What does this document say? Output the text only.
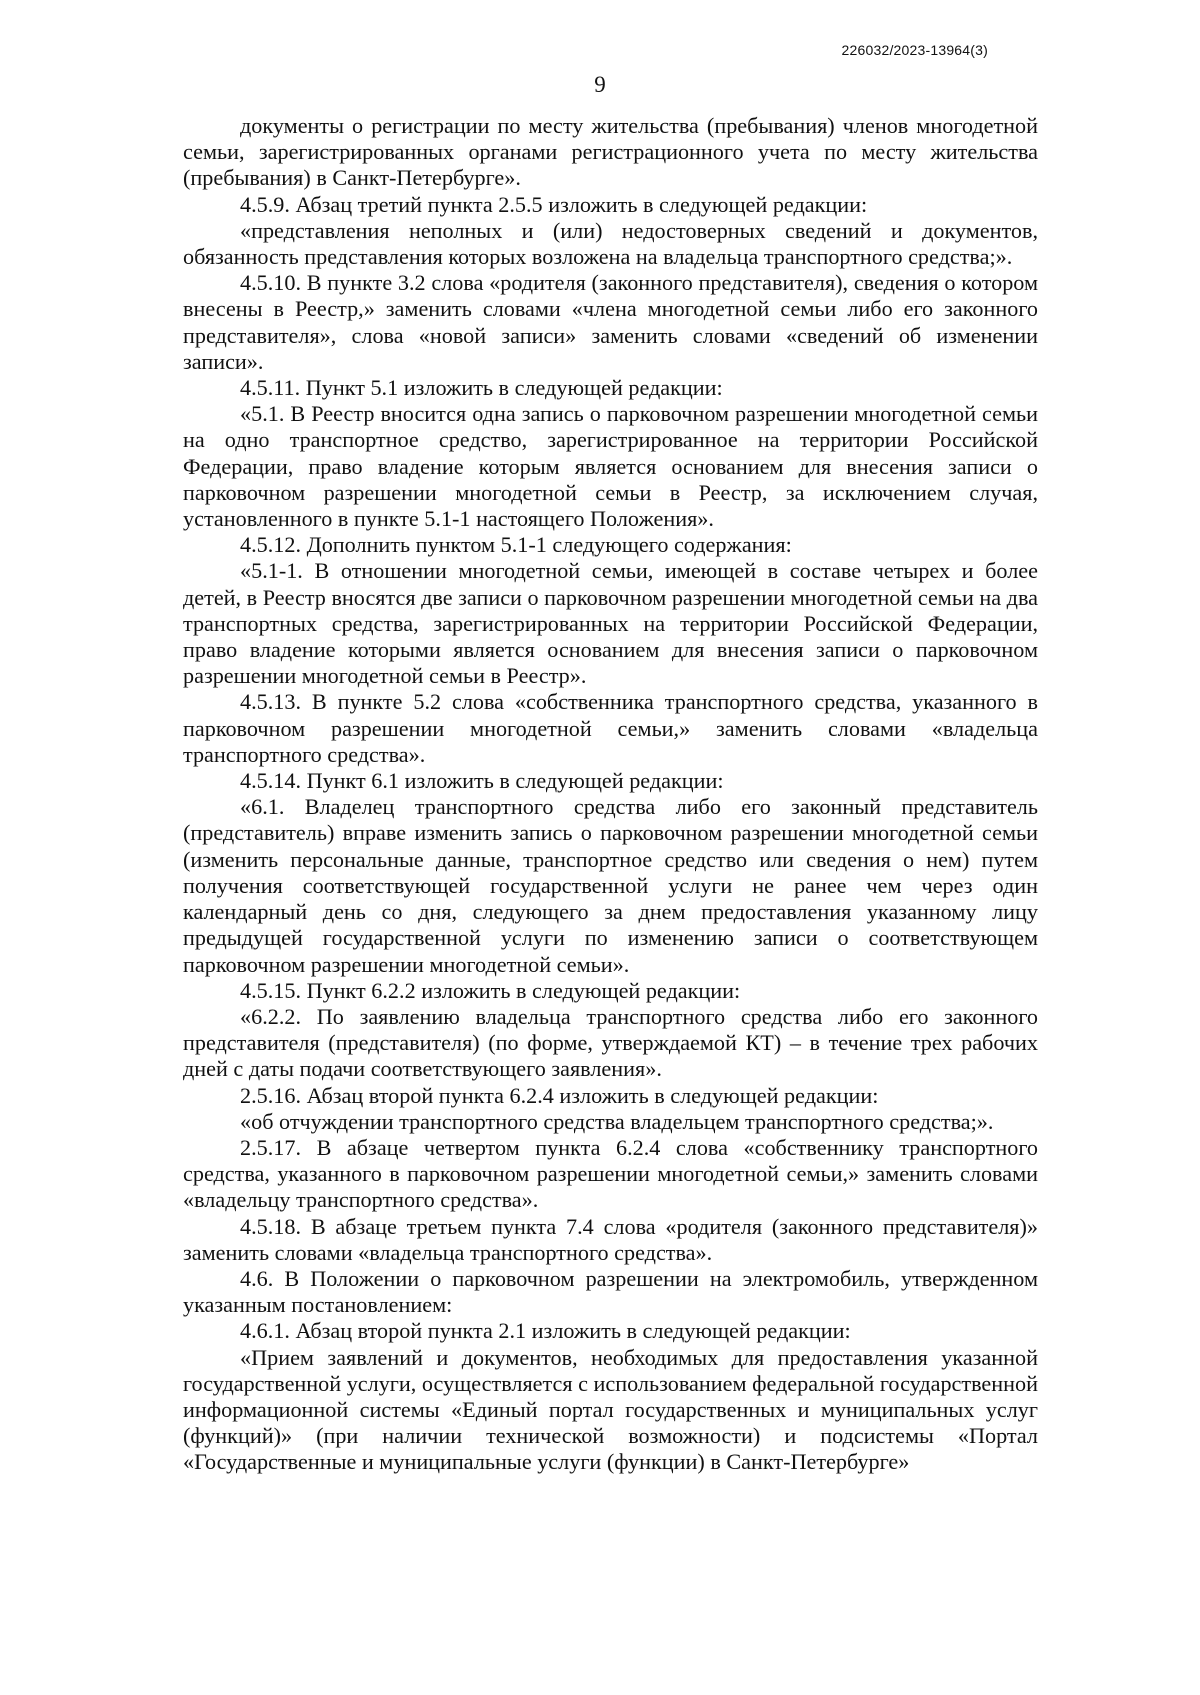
226032/2023-13964(3)
9

документы о регистрации по месту жительства (пребывания) членов многодетной семьи, зарегистрированных органами регистрационного учета по месту жительства (пребывания) в Санкт-Петербурге».

4.5.9. Абзац третий пункта 2.5.5 изложить в следующей редакции:

«представления неполных и (или) недостоверных сведений и документов, обязанность представления которых возложена на владельца транспортного средства;».

4.5.10. В пункте 3.2 слова «родителя (законного представителя), сведения о котором внесены в Реестр,» заменить словами «члена многодетной семьи либо его законного представителя», слова «новой записи» заменить словами «сведений об изменении записи».

4.5.11. Пункт 5.1 изложить в следующей редакции:

«5.1. В Реестр вносится одна запись о парковочном разрешении многодетной семьи на одно транспортное средство, зарегистрированное на территории Российской Федерации, право владение которым является основанием для внесения записи о парковочном разрешении многодетной семьи в Реестр, за исключением случая, установленного в пункте 5.1-1 настоящего Положения».

4.5.12. Дополнить пунктом 5.1-1 следующего содержания:

«5.1-1. В отношении многодетной семьи, имеющей в составе четырех и более детей, в Реестр вносятся две записи о парковочном разрешении многодетной семьи на два транспортных средства, зарегистрированных на территории Российской Федерации, право владение которыми является основанием для внесения записи о парковочном разрешении многодетной семьи в Реестр».

4.5.13. В пункте 5.2 слова «собственника транспортного средства, указанного в парковочном разрешении многодетной семьи,» заменить словами «владельца транспортного средства».

4.5.14. Пункт 6.1 изложить в следующей редакции:

«6.1. Владелец транспортного средства либо его законный представитель (представитель) вправе изменить запись о парковочном разрешении многодетной семьи (изменить персональные данные, транспортное средство или сведения о нем) путем получения соответствующей государственной услуги не ранее чем через один календарный день со дня, следующего за днем предоставления указанному лицу предыдущей государственной услуги по изменению записи о соответствующем парковочном разрешении многодетной семьи».

4.5.15. Пункт 6.2.2 изложить в следующей редакции:

«6.2.2. По заявлению владельца транспортного средства либо его законного представителя (представителя) (по форме, утверждаемой КТ) – в течение трех рабочих дней с даты подачи соответствующего заявления».

2.5.16. Абзац второй пункта 6.2.4 изложить в следующей редакции:

«об отчуждении транспортного средства владельцем транспортного средства;».

2.5.17. В абзаце четвертом пункта 6.2.4 слова «собственнику транспортного средства, указанного в парковочном разрешении многодетной семьи,» заменить словами «владельцу транспортного средства».

4.5.18. В абзаце третьем пункта 7.4 слова «родителя (законного представителя)» заменить словами «владельца транспортного средства».

4.6. В Положении о парковочном разрешении на электромобиль, утвержденном указанным постановлением:

4.6.1. Абзац второй пункта 2.1 изложить в следующей редакции:

«Прием заявлений и документов, необходимых для предоставления указанной государственной услуги, осуществляется с использованием федеральной государственной информационной системы «Единый портал государственных и муниципальных услуг (функций)» (при наличии технической возможности) и подсистемы «Портал «Государственные и муниципальные услуги (функции) в Санкт-Петербурге»
